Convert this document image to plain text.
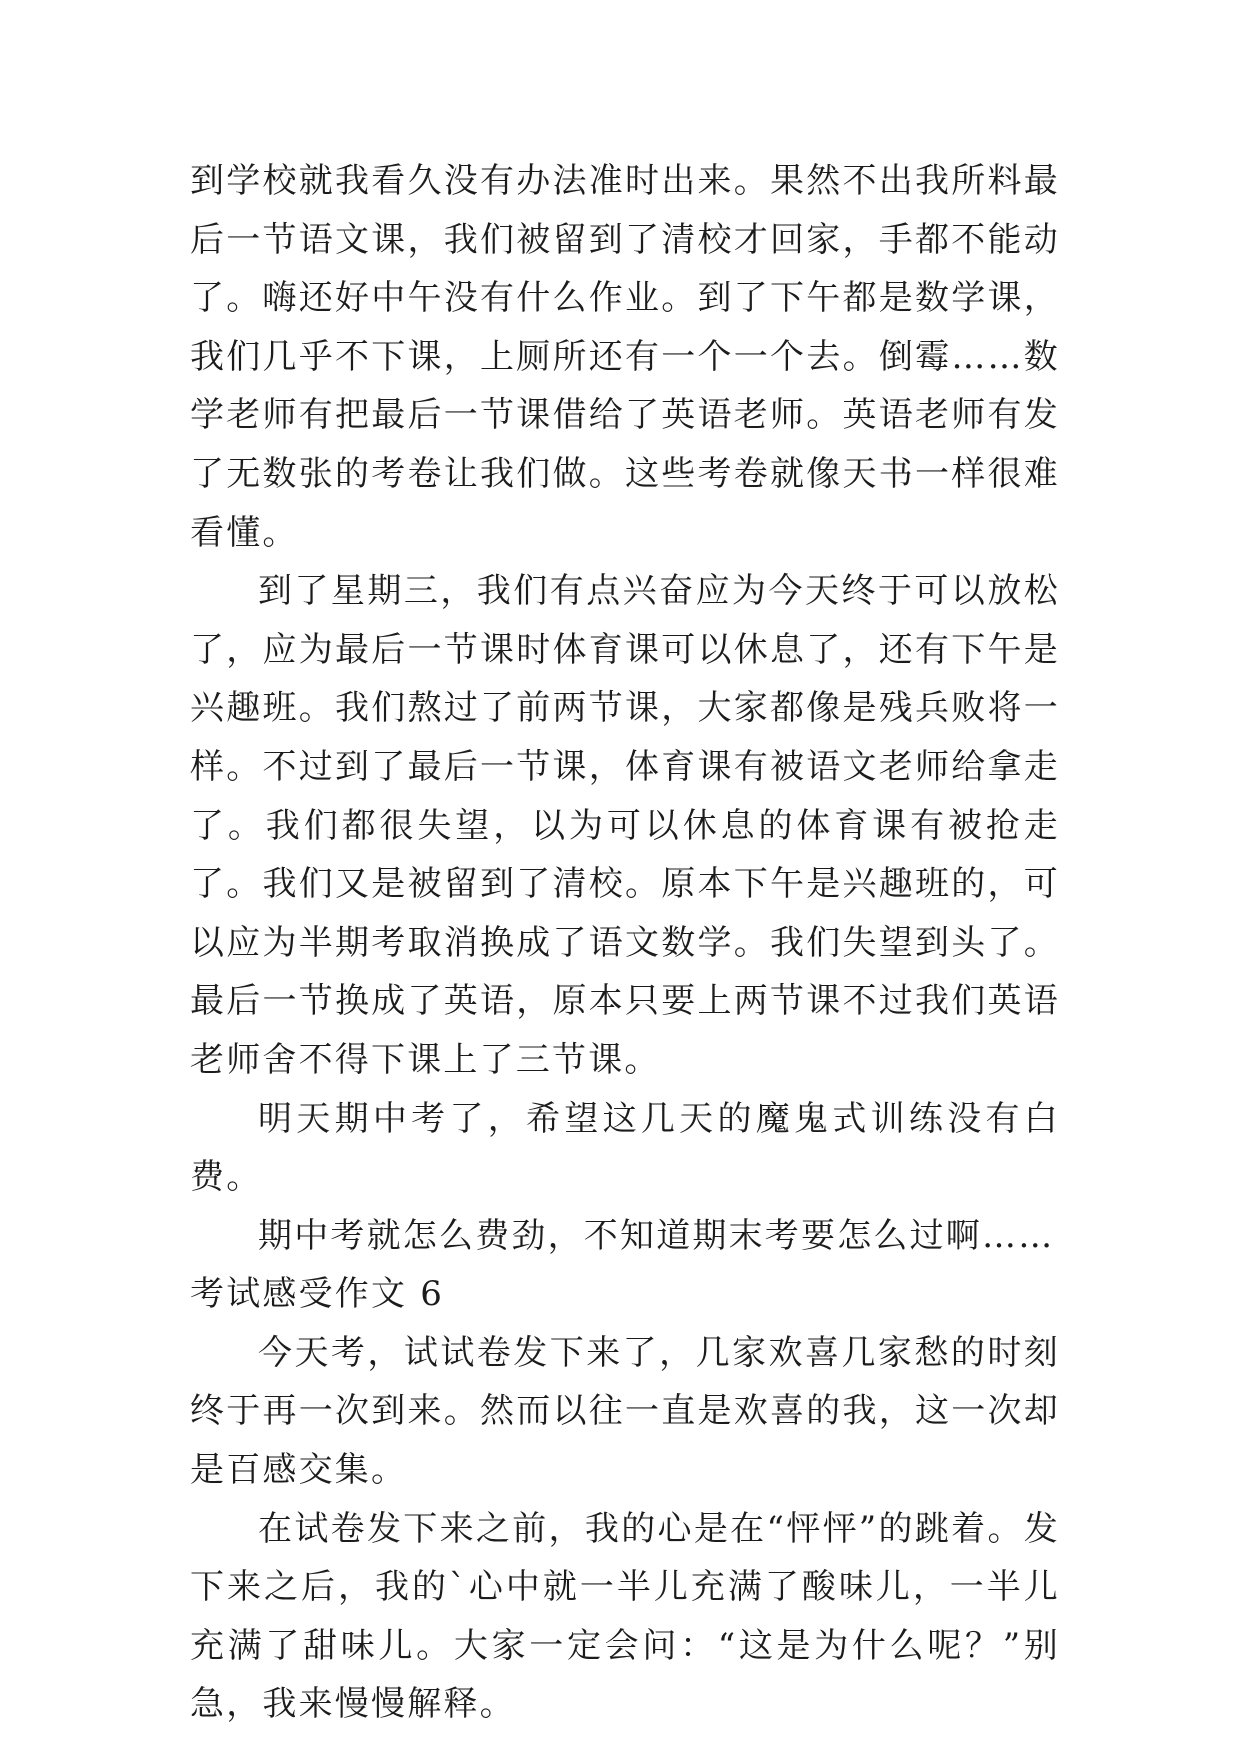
到学校就我看久没有办法准时出来。果然不出我所料最后一节语文课，我们被留到了清校才回家，手都不能动了。嗨还好中午没有什么作业。到了下午都是数学课，我们几乎不下课，上厕所还有一个一个去。倒霉……数学老师有把最后一节课借给了英语老师。英语老师有发了无数张的考卷让我们做。这些考卷就像天书一样很难看懂。

到了星期三，我们有点兴奋应为今天终于可以放松了，应为最后一节课时体育课可以休息了，还有下午是兴趣班。我们熬过了前两节课，大家都像是残兵败将一样。不过到了最后一节课，体育课有被语文老师给拿走了。我们都很失望，以为可以休息的体育课有被抢走了。我们又是被留到了清校。原本下午是兴趣班的，可以应为半期考取消换成了语文数学。我们失望到头了。最后一节换成了英语，原本只要上两节课不过我们英语老师舍不得下课上了三节课。

明天期中考了，希望这几天的魔鬼式训练没有白费。

期中考就怎么费劲，不知道期末考要怎么过啊……

考试感受作文 6

今天考，试试卷发下来了，几家欢喜几家愁的时刻终于再一次到来。然而以往一直是欢喜的我，这一次却是百感交集。

在试卷发下来之前，我的心是在“怦怦”的跳着。发下来之后，我的`心中就一半儿充满了酸味儿，一半儿充满了甜味儿。大家一定会问：“这是为什么呢？”别急，我来慢慢解释。
